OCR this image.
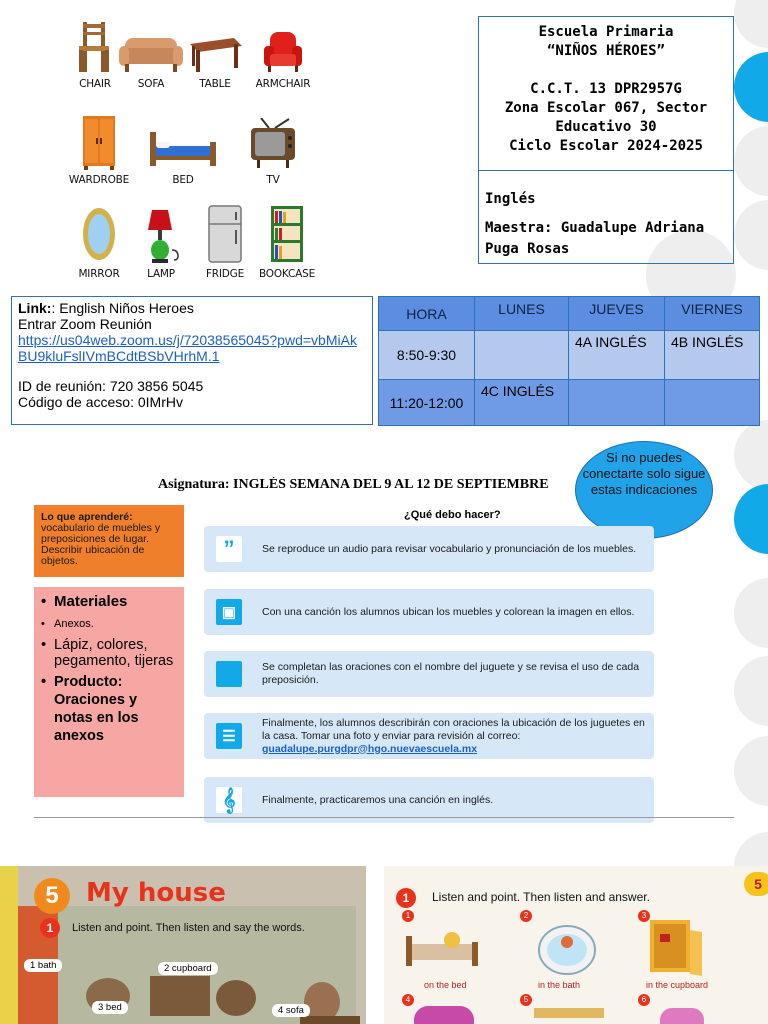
CHAIR	SOFA	TABLE	ARMCHAIR
WARDROBE	BED	TV
MIRROR	LAMP	FRIDGE	BOOKCASE
Escuela Primaria
“NIÑOS HÉROES”
C.C.T. 13 DPR2957G
Zona Escolar 067, Sector
Educativo 30
Ciclo Escolar 2024-2025
Inglés
Maestra: Guadalupe Adriana
Puga Rosas
Link:: English Niños Heroes
Entrar Zoom Reunión
https://us04web.zoom.us/j/72038565045?pwd=vbMiAkBU9kluFslIVmBCdtBSbVHrhM.1
ID de reunión: 720 3856 5045
Código de acceso: 0IMrHv
HORA	LUNES	JUEVES	VIERNES
8:50-9:30		4A INGLÉS	4B INGLÉS
11:20-12:00	4C INGLÉS		
Asignatura: INGLÉS SEMANA DEL 9 AL 12 DE SEPTIEMBRE
Si no puedes conectarte solo sigue estas indicaciones
Lo que aprenderé:
vocabulario de muebles y preposiciones de lugar. Describir ubicación de objetos.
• Materiales
• Anexos.
• Lápiz, colores, pegamento, tijeras
• Producto: Oraciones y notas en los anexos
¿Qué debo hacer?
”	Se reproduce un audio para revisar vocabulario y pronunciación de los muebles.
▣	Con una canción los alumnos ubican los muebles y colorean la imagen en ellos.
Se completan las oraciones con el nombre del juguete y se revisa el uso de cada preposición.
☰
Finalmente, los alumnos describirán con oraciones la ubicación de los juguetes en la casa. Tomar una foto y enviar para revisión al correo:
guadalupe.purgdpr@hgo.nuevaescuela.mx
𝄞	Finalmente, practicaremos una canción en inglés.
5	My house
1	Listen and point. Then listen and say the words.
1 bath	2 cupboard
3 bed	4 sofa
1	Listen and point. Then listen and answer.
5
1
on the bed
2
in the bath
3
in the cupboard
4	5	6
